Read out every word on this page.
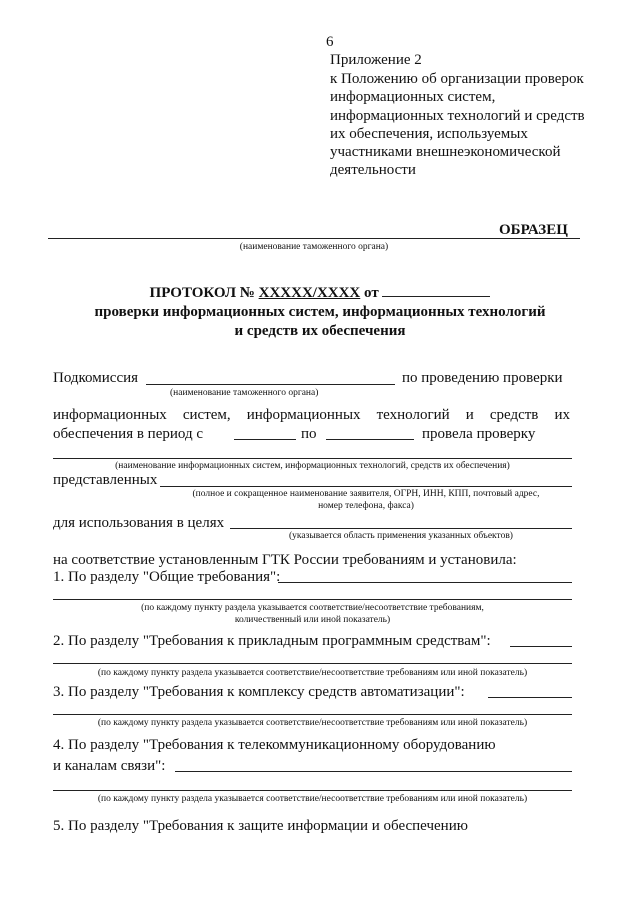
6
Приложение 2
к Положению об организации проверок
информационных систем,
информационных технологий и средств
их обеспечения, используемых
участниками внешнеэкономической
деятельности
ОБРАЗЕЦ
(наименование таможенного органа)
ПРОТОКОЛ № XXXXX/XXXX от
проверки информационных систем, информационных технологий
и средств их обеспечения
Подкомиссия	по проведению проверки
(наименование таможенного органа)
информационных систем, информационных технологий и средств их
обеспечения в период с	по	провела проверку
(наименование информационных систем, информационных технологий, средств их обеспечения)
представленных
(полное и сокращенное наименование заявителя, ОГРН, ИНН, КПП, почтовый адрес,
номер телефона, факса)
для использования в целях
(указывается область применения указанных объектов)
на соответствие установленным ГТК России требованиям и установила:
1. По разделу "Общие требования":
(по каждому пункту раздела указывается соответствие/несоответствие требованиям,
количественный или иной показатель)
2. По разделу "Требования к прикладным программным средствам":
(по каждому пункту раздела указывается соответствие/несоответствие требованиям или иной показатель)
3. По разделу "Требования к комплексу средств автоматизации":
(по каждому пункту раздела указывается соответствие/несоответствие требованиям или иной показатель)
4. По разделу "Требования к телекоммуникационному оборудованию
и каналам связи":
(по каждому пункту раздела указывается соответствие/несоответствие требованиям или иной показатель)
5. По разделу "Требования к защите информации и обеспечению
